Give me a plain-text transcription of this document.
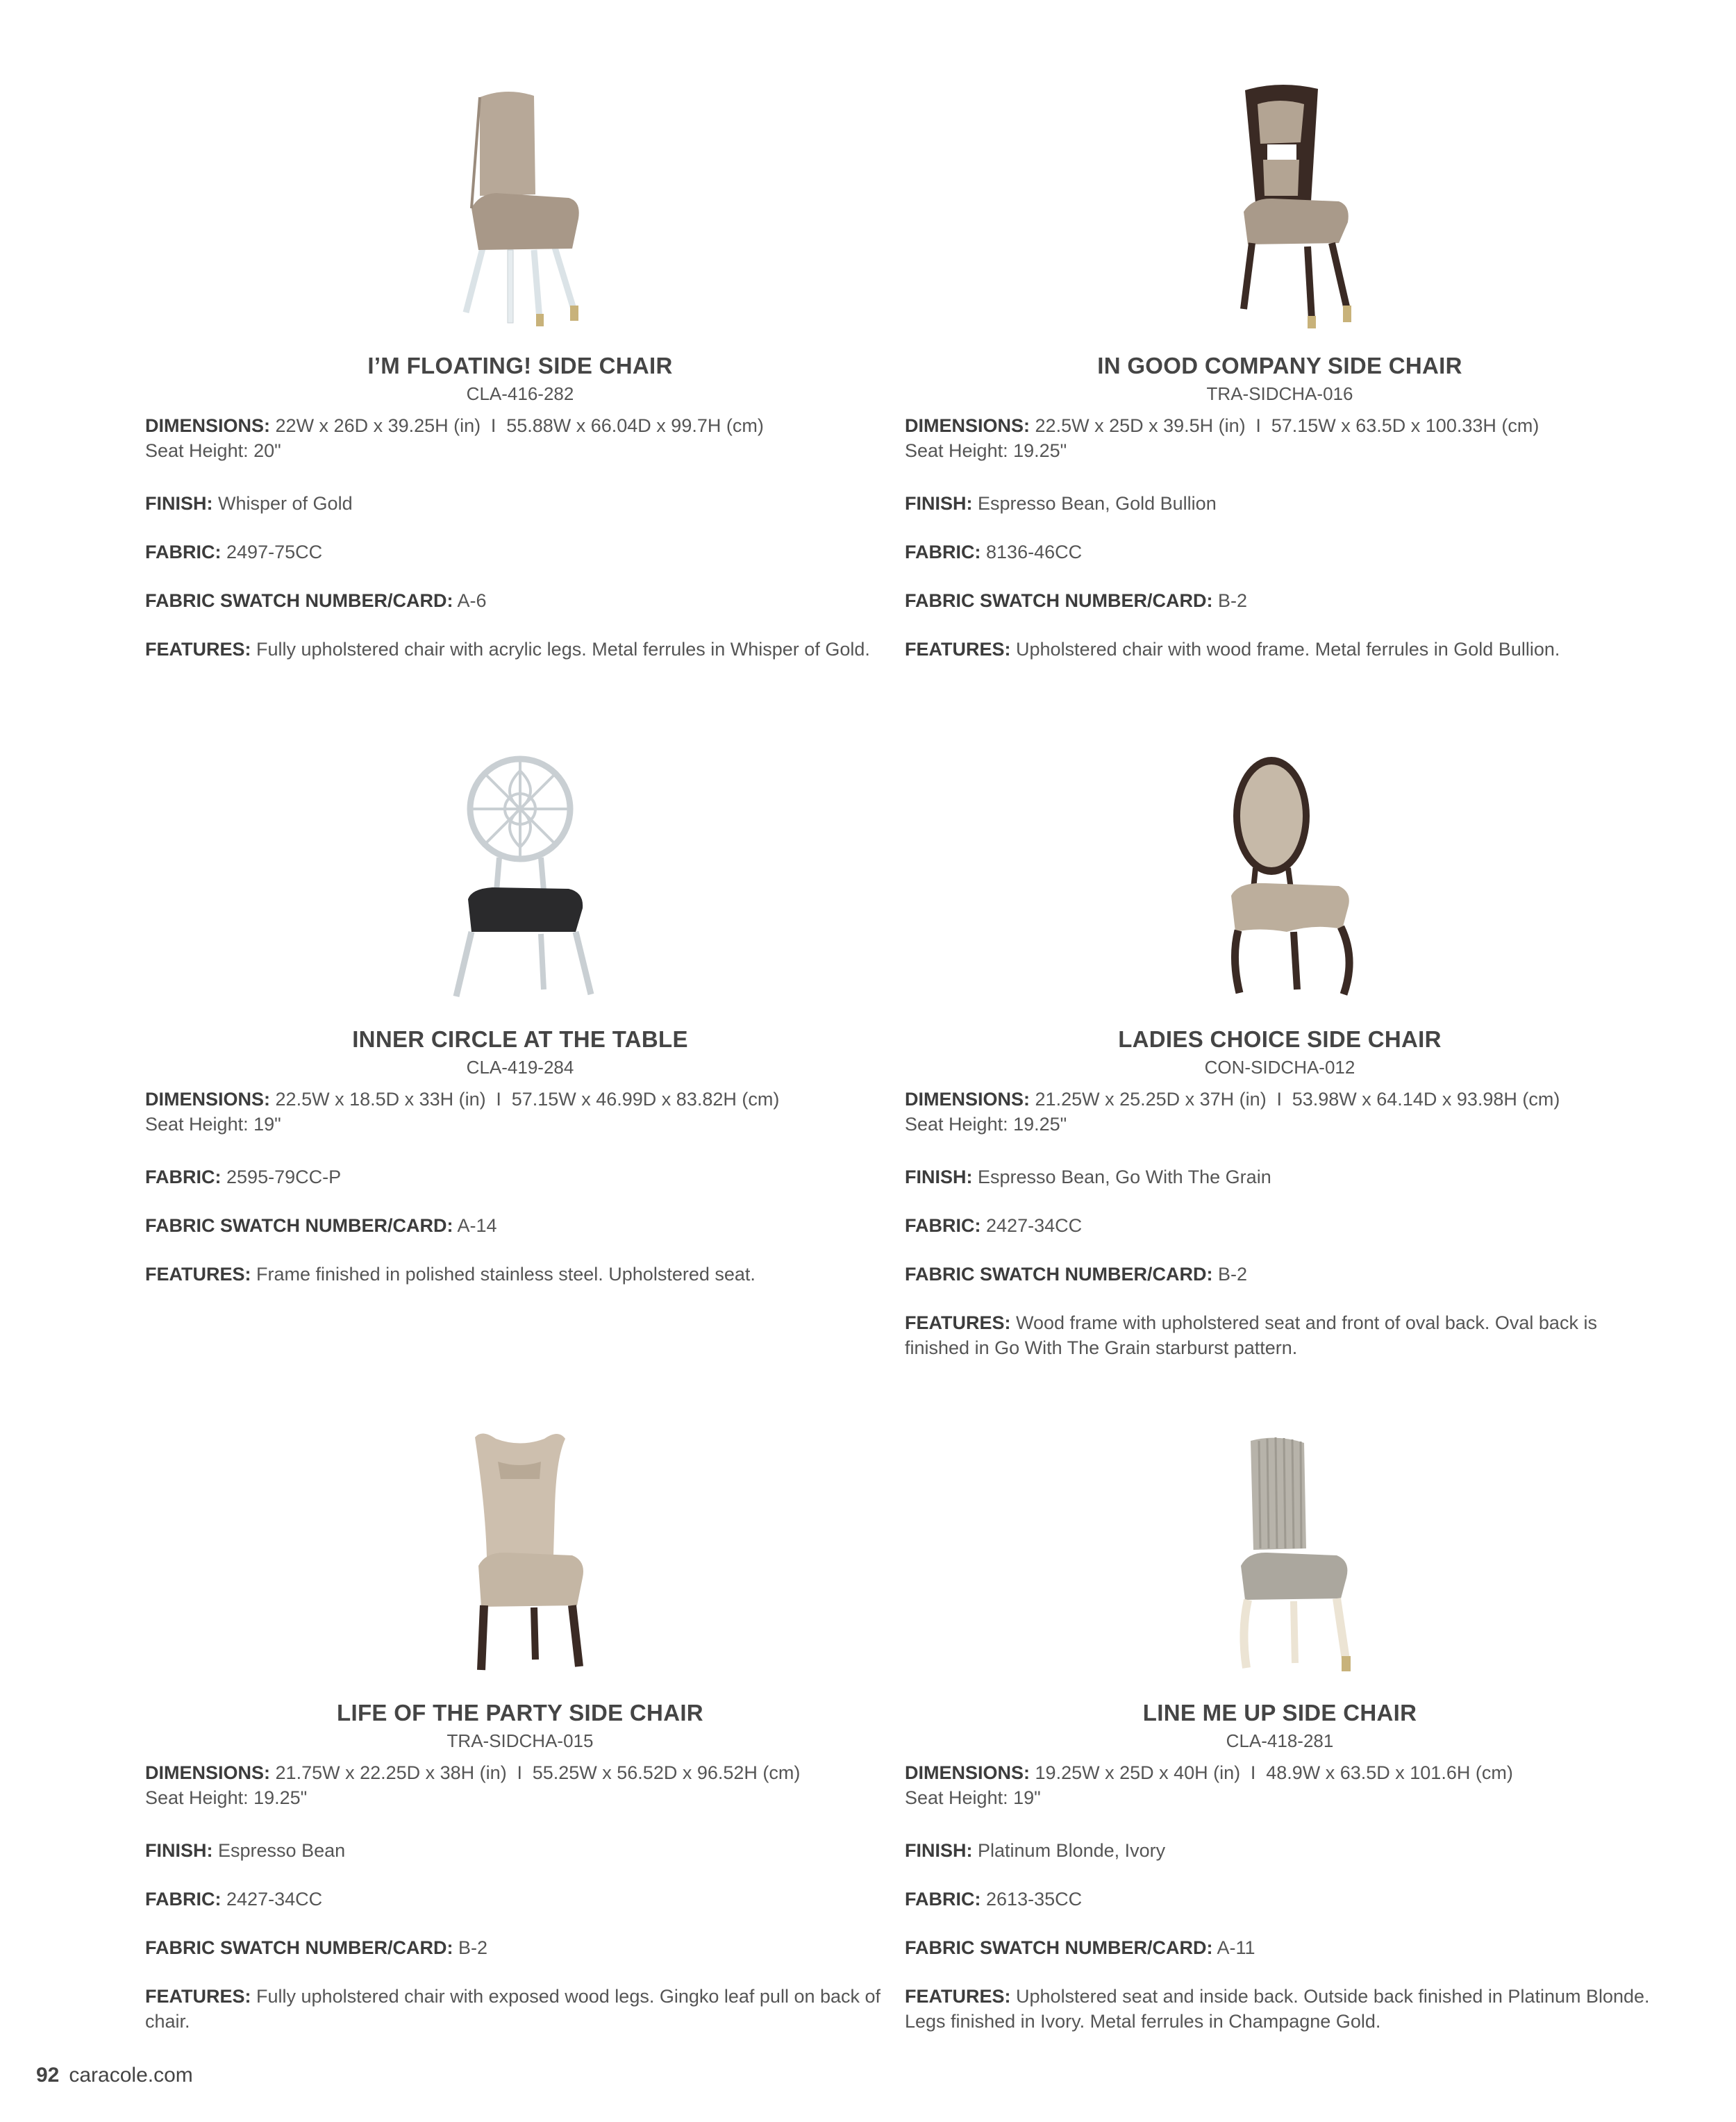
I’M FLOATING! SIDE CHAIR
CLA-416-282
DIMENSIONS: 22W x 26D x 39.25H (in) I 55.88W x 66.04D x 99.7H (cm)
Seat Height: 20"
FINISH: Whisper of Gold
FABRIC: 2497-75CC
FABRIC SWATCH NUMBER/CARD: A-6
FEATURES: Fully upholstered chair with acrylic legs. Metal ferrules in Whisper of Gold.
IN GOOD COMPANY SIDE CHAIR
TRA-SIDCHA-016
DIMENSIONS: 22.5W x 25D x 39.5H (in) I 57.15W x 63.5D x 100.33H (cm)
Seat Height: 19.25"
FINISH: Espresso Bean, Gold Bullion
FABRIC: 8136-46CC
FABRIC SWATCH NUMBER/CARD: B-2
FEATURES: Upholstered chair with wood frame. Metal ferrules in Gold Bullion.
INNER CIRCLE AT THE TABLE
CLA-419-284
DIMENSIONS: 22.5W x 18.5D x 33H (in) I 57.15W x 46.99D x 83.82H (cm)
Seat Height: 19"
FABRIC: 2595-79CC-P
FABRIC SWATCH NUMBER/CARD: A-14
FEATURES: Frame finished in polished stainless steel. Upholstered seat.
LADIES CHOICE SIDE CHAIR
CON-SIDCHA-012
DIMENSIONS: 21.25W x 25.25D x 37H (in) I 53.98W x 64.14D x 93.98H (cm)
Seat Height: 19.25"
FINISH: Espresso Bean, Go With The Grain
FABRIC: 2427-34CC
FABRIC SWATCH NUMBER/CARD: B-2
FEATURES: Wood frame with upholstered seat and front of oval back. Oval back is finished in Go With The Grain starburst pattern.
LIFE OF THE PARTY SIDE CHAIR
TRA-SIDCHA-015
DIMENSIONS: 21.75W x 22.25D x 38H (in) I 55.25W x 56.52D x 96.52H (cm)
Seat Height: 19.25"
FINISH: Espresso Bean
FABRIC: 2427-34CC
FABRIC SWATCH NUMBER/CARD: B-2
FEATURES: Fully upholstered chair with exposed wood legs. Gingko leaf pull on back of chair.
LINE ME UP SIDE CHAIR
CLA-418-281
DIMENSIONS: 19.25W x 25D x 40H (in) I 48.9W x 63.5D x 101.6H (cm)
Seat Height: 19"
FINISH: Platinum Blonde, Ivory
FABRIC: 2613-35CC
FABRIC SWATCH NUMBER/CARD: A-11
FEATURES: Upholstered seat and inside back. Outside back finished in Platinum Blonde. Legs finished in Ivory. Metal ferrules in Champagne Gold.
92 caracole.com
